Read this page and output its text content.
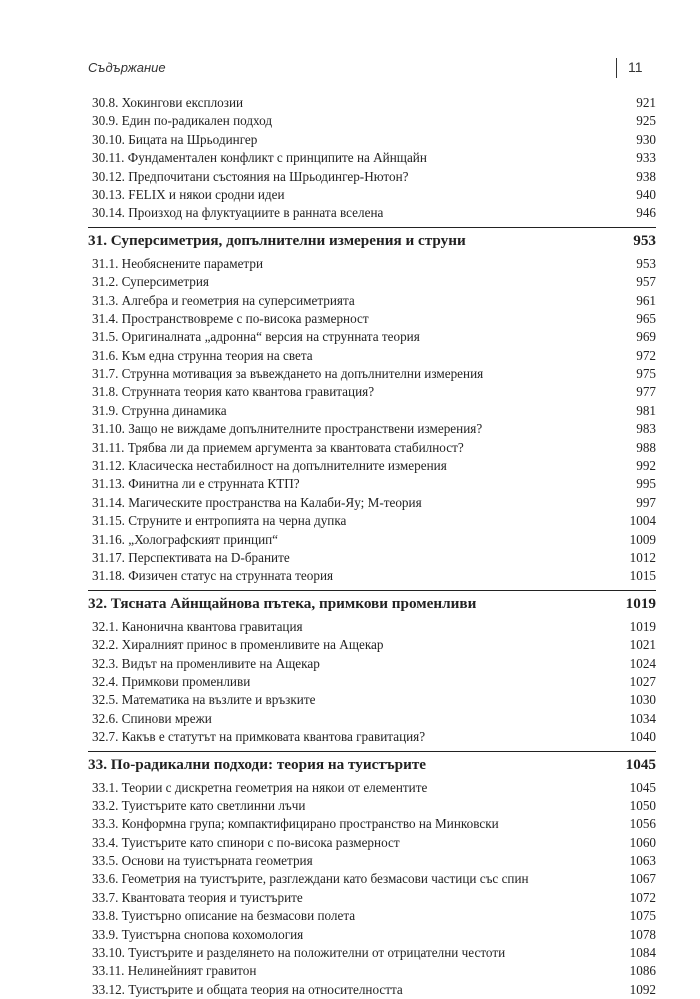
Съдържание	11
30.8. Хокингови експлозии	921
30.9. Един по-радикален подход	925
30.10. Бицата на Шрьодингер	930
30.11. Фундаментален конфликт с принципите на Айнщайн	933
30.12. Предпочитани състояния на Шрьодингер-Нютон?	938
30.13. FELIX и някои сродни идеи	940
30.14. Произход на флуктуациите в ранната вселена	946
31. Суперсиметрия, допълнителни измерения и струни	953
31.1. Необяснените параметри	953
31.2. Суперсиметрия	957
31.3. Алгебра и геометрия на суперсиметрията	961
31.4. Пространствовреме с по-висока размерност	965
31.5. Оригиналната „адронна“ версия на струнната теория	969
31.6. Към една струнна теория на света	972
31.7. Струнна мотивация за въвеждането на допълнителни измерения	975
31.8. Струнната теория като квантова гравитация?	977
31.9. Струнна динамика	981
31.10. Защо не виждаме допълнителните пространствени измерения?	983
31.11. Трябва ли да приемем аргумента за квантовата стабилност?	988
31.12. Класическа нестабилност на допълнителните измерения	992
31.13. Финитна ли е струнната КТП?	995
31.14. Магическите пространства на Калаби-Яу; М-теория	997
31.15. Струните и ентропията на черна дупка	1004
31.16. „Холографският принцип“	1009
31.17. Перспективата на D-браните	1012
31.18. Физичен статус на струнната теория	1015
32. Тясната Айнщайнова пътека, примкови променливи	1019
32.1. Канонична квантова гравитация	1019
32.2. Хиралният принос в променливите на Ащекар	1021
32.3. Видът на променливите на Ащекар	1024
32.4. Примкови променливи	1027
32.5. Математика на възлите и връзките	1030
32.6. Спинови мрежи	1034
32.7. Какъв е статутът на примковата квантова гравитация?	1040
33. По-радикални подходи: теория на туистърите	1045
33.1. Теории с дискретна геометрия на някои от елементите	1045
33.2. Туистърите като светлинни лъчи	1050
33.3. Конформна група; компактифицирано пространство на Минковски	1056
33.4. Туистърите като спинори с по-висока размерност	1060
33.5. Основи на туистърната геометрия	1063
33.6. Геометрия на туистърите, разглеждани като безмасови частици със спин	1067
33.7. Квантовата теория и туистърите	1072
33.8. Туистърно описание на безмасови полета	1075
33.9. Туистърна снопова кохомология	1078
33.10. Туистърите и разделянето на положителни от отрицателни честоти	1084
33.11. Нелинейният гравитон	1086
33.12. Туистърите и общата теория на относителността	1092
